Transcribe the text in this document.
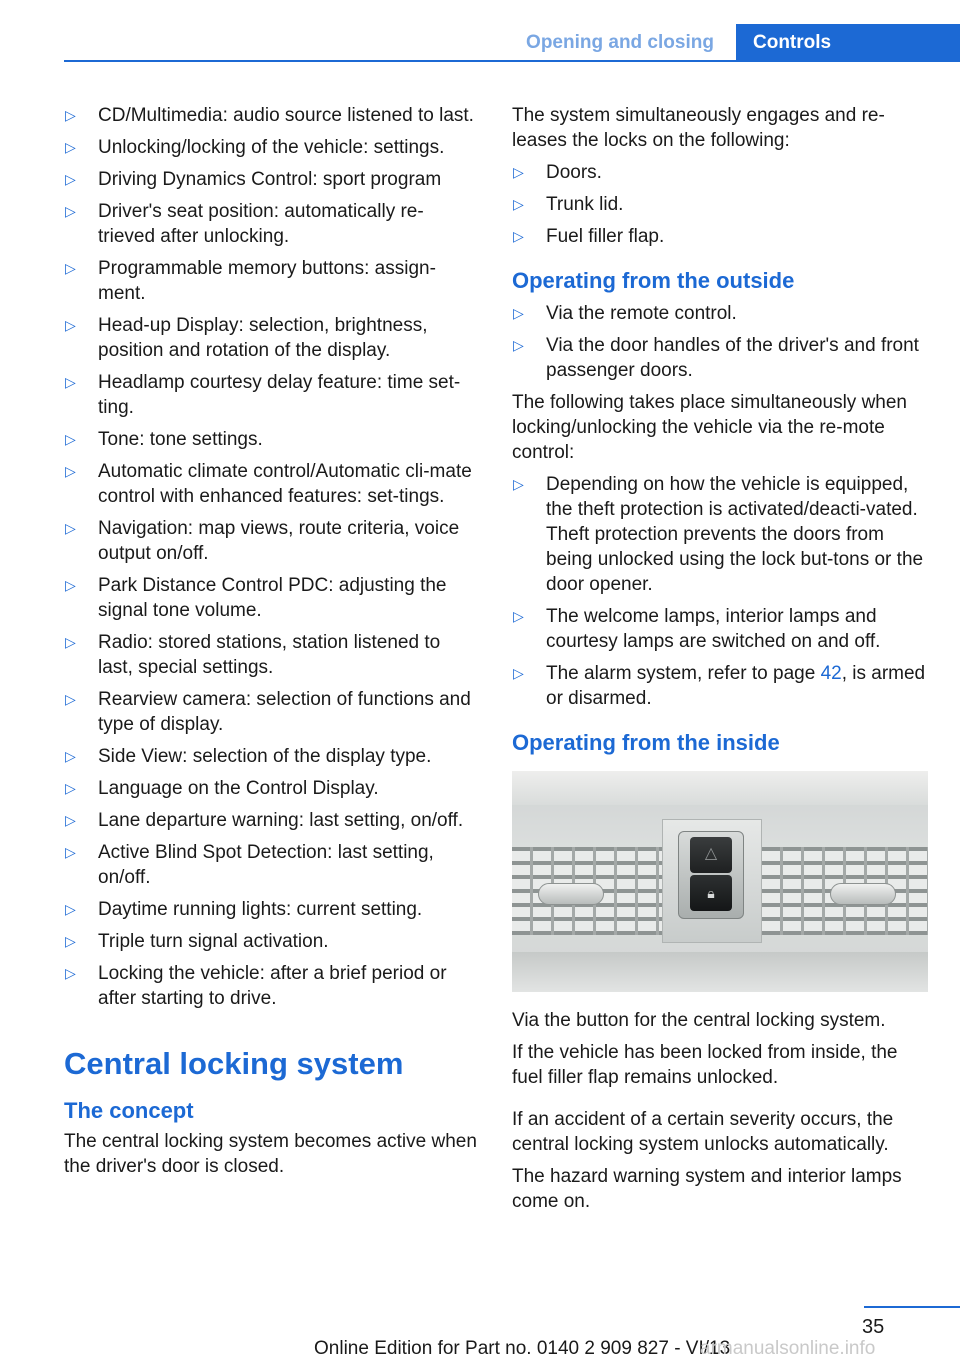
Opening and closing	Controls
▷ CD/Multimedia: audio source listened to last.
▷ Unlocking/locking of the vehicle: settings.
▷ Driving Dynamics Control: sport program
▷ Driver's seat position: automatically re-trieved after unlocking.
▷ Programmable memory buttons: assign-ment.
▷ Head-up Display: selection, brightness, position and rotation of the display.
▷ Headlamp courtesy delay feature: time set-ting.
▷ Tone: tone settings.
▷ Automatic climate control/Automatic cli-mate control with enhanced features: set-tings.
▷ Navigation: map views, route criteria, voice output on/off.
▷ Park Distance Control PDC: adjusting the signal tone volume.
▷ Radio: stored stations, station listened to last, special settings.
▷ Rearview camera: selection of functions and type of display.
▷ Side View: selection of the display type.
▷ Language on the Control Display.
▷ Lane departure warning: last setting, on/off.
▷ Active Blind Spot Detection: last setting, on/off.
▷ Daytime running lights: current setting.
▷ Triple turn signal activation.
▷ Locking the vehicle: after a brief period or after starting to drive.
Central locking system
The concept

The central locking system becomes active when the driver's door is closed.

The system simultaneously engages and re-leases the locks on the following:

▷ Doors.
▷ Trunk lid.
▷ Fuel filler flap.
Operating from the outside
▷ Via the remote control.
▷ Via the door handles of the driver's and front passenger doors.

The following takes place simultaneously when locking/unlocking the vehicle via the re-mote control:

▷ Depending on how the vehicle is equipped, the theft protection is activated/deacti-vated. Theft protection prevents the doors from being unlocked using the lock but-tons or the door opener.
▷ The welcome lamps, interior lamps and courtesy lamps are switched on and off.
▷ The alarm system, refer to page 42, is armed or disarmed.
Operating from the inside
△
🔒︎

Via the button for the central locking system.

If the vehicle has been locked from inside, the fuel filler flap remains unlocked.

If an accident of a certain severity occurs, the central locking system unlocks automatically.

The hazard warning system and interior lamps come on.

35
Online Edition for Part no. 0140 2 909 827 - VI/13
armanualsonline.info
